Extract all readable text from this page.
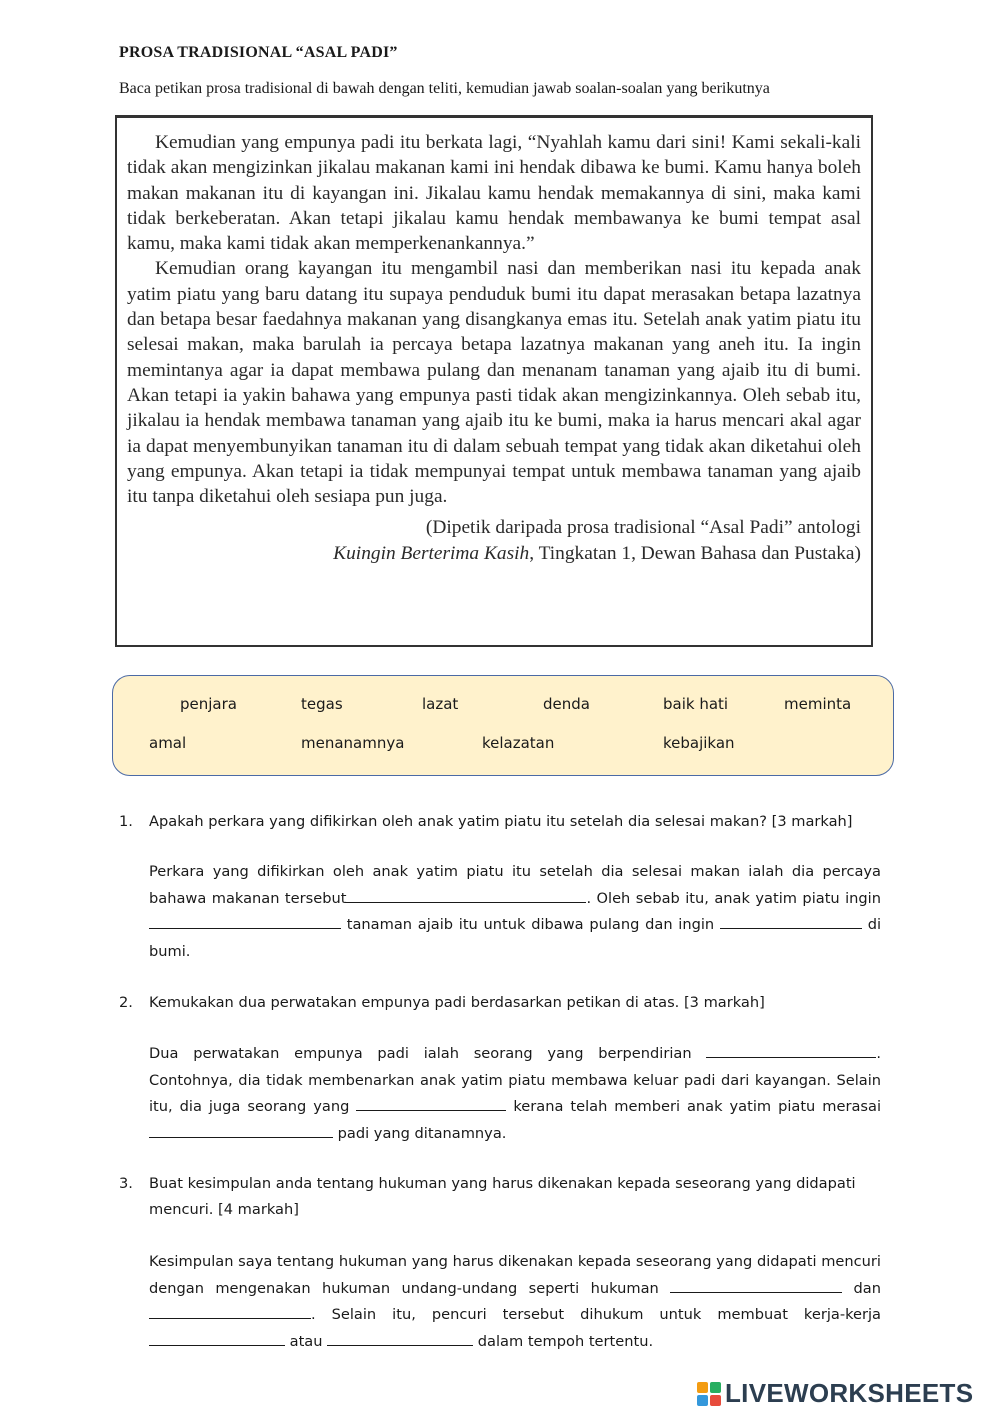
PROSA TRADISIONAL “ASAL PADI”
Baca petikan prosa tradisional di bawah dengan teliti, kemudian jawab soalan-soalan yang berikutnya

Kemudian yang empunya padi itu berkata lagi, “Nyahlah kamu dari sini! Kami sekali-kali tidak akan mengizinkan jikalau makanan kami ini hendak dibawa ke bumi. Kamu hanya boleh makan makanan itu di kayangan ini. Jikalau kamu hendak memakannya di sini, maka kami tidak berkeberatan. Akan tetapi jikalau kamu hendak membawanya ke bumi tempat asal kamu, maka kami tidak akan memperkenankannya.”

Kemudian orang kayangan itu mengambil nasi dan memberikan nasi itu kepada anak yatim piatu yang baru datang itu supaya penduduk bumi itu dapat merasakan betapa lazatnya dan betapa besar faedahnya makanan yang disangkanya emas itu. Setelah anak yatim piatu itu selesai makan, maka barulah ia percaya betapa lazatnya makanan yang aneh itu. Ia ingin memintanya agar ia dapat membawa pulang dan menanam tanaman yang ajaib itu di bumi. Akan tetapi ia yakin bahawa yang empunya pasti tidak akan mengizinkannya. Oleh sebab itu, jikalau ia hendak membawa tanaman yang ajaib itu ke bumi, maka ia harus mencari akal agar ia dapat menyembunyikan tanaman itu di dalam sebuah tempat yang tidak akan diketahui oleh yang empunya. Akan tetapi ia tidak mempunyai tempat untuk membawa tanaman yang ajaib itu tanpa diketahui oleh sesiapa pun juga.

(Dipetik daripada prosa tradisional “Asal Padi” antologi
Kuingin Berterima Kasih, Tingkatan 1, Dewan Bahasa dan Pustaka)
penjara	tegas	lazat	denda	baik hati	meminta
amal	menanamnya	kelazatan	kebajikan
1. Apakah perkara yang difikirkan oleh anak yatim piatu itu setelah dia selesai makan? [3 markah]
Perkara yang difikirkan oleh anak yatim piatu itu setelah dia selesai makan ialah dia percaya
bahawa makanan tersebut	. Oleh sebab itu, anak yatim piatu ingin
tanaman ajaib itu untuk dibawa pulang dan ingin	di
bumi.
2. Kemukakan dua perwatakan empunya padi berdasarkan petikan di atas. [3 markah]
Dua perwatakan empunya padi ialah seorang yang berpendirian	.
Contohnya, dia tidak membenarkan anak yatim piatu membawa keluar padi dari kayangan. Selain
itu, dia juga seorang yang	kerana telah memberi anak yatim piatu merasai
padi yang ditanamnya.
3. Buat kesimpulan anda tentang hukuman yang harus dikenakan kepada seseorang yang didapati
mencuri. [4 markah]
Kesimpulan saya tentang hukuman yang harus dikenakan kepada seseorang yang didapati mencuri
dengan mengenakan hukuman undang-undang seperti hukuman	dan
. Selain itu, pencuri tersebut dihukum untuk membuat kerja-kerja
atau	dalam tempoh tertentu.
LIVEWORKSHEETS
